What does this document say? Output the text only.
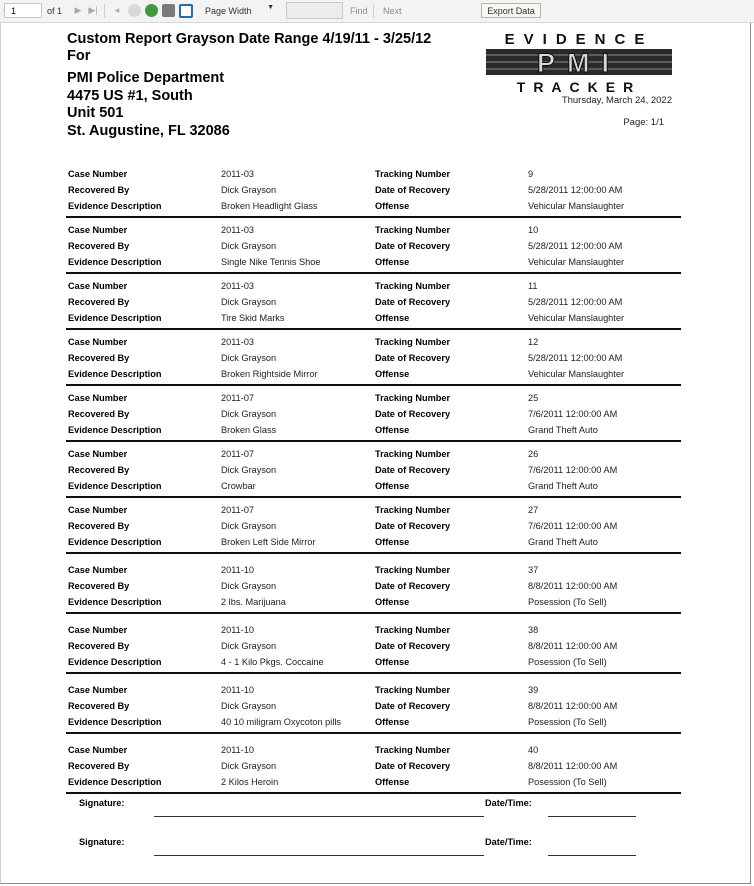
1
of 1 ▶ ▶|	◂	Page Width ▼	Find Next	Export Data
Custom Report Grayson Date Range 4/19/11 - 3/25/12
For
PMI Police Department
4475 US #1, South
Unit 501
St. Augustine, FL 32086
EVIDENCE
PMI
TRACKER
Thursday, March 24, 2022
Page: 1/1
Case Number	2011-03	Tracking Number	9
Recovered By	Dick Grayson	Date of Recovery	5/28/2011 12:00:00 AM
Evidence Description	Broken Headlight Glass	Offense	Vehicular Manslaughter
Case Number	2011-03	Tracking Number	10
Recovered By	Dick Grayson	Date of Recovery	5/28/2011 12:00:00 AM
Evidence Description	Single Nike Tennis Shoe	Offense	Vehicular Manslaughter
Case Number	2011-03	Tracking Number	11
Recovered By	Dick Grayson	Date of Recovery	5/28/2011 12:00:00 AM
Evidence Description	Tire Skid Marks	Offense	Vehicular Manslaughter
Case Number	2011-03	Tracking Number	12
Recovered By	Dick Grayson	Date of Recovery	5/28/2011 12:00:00 AM
Evidence Description	Broken Rightside Mirror	Offense	Vehicular Manslaughter
Case Number	2011-07	Tracking Number	25
Recovered By	Dick Grayson	Date of Recovery	7/6/2011 12:00:00 AM
Evidence Description	Broken Glass	Offense	Grand Theft Auto
Case Number	2011-07	Tracking Number	26
Recovered By	Dick Grayson	Date of Recovery	7/6/2011 12:00:00 AM
Evidence Description	Crowbar	Offense	Grand Theft Auto
Case Number	2011-07	Tracking Number	27
Recovered By	Dick Grayson	Date of Recovery	7/6/2011 12:00:00 AM
Evidence Description	Broken Left Side Mirror	Offense	Grand Theft Auto
Case Number	2011-10	Tracking Number	37
Recovered By	Dick Grayson	Date of Recovery	8/8/2011 12:00:00 AM
Evidence Description	2 lbs. Marijuana	Offense	Posession (To Sell)
Case Number	2011-10	Tracking Number	38
Recovered By	Dick Grayson	Date of Recovery	8/8/2011 12:00:00 AM
Evidence Description	4 - 1 Kilo Pkgs. Coccaine	Offense	Posession (To Sell)
Case Number	2011-10	Tracking Number	39
Recovered By	Dick Grayson	Date of Recovery	8/8/2011 12:00:00 AM
Evidence Description	40 10 miligram Oxycoton pills	Offense	Posession (To Sell)
Case Number	2011-10	Tracking Number	40
Recovered By	Dick Grayson	Date of Recovery	8/8/2011 12:00:00 AM
Evidence Description	2 Kilos Heroin	Offense	Posession (To Sell)
Signature:	Date/Time:
Signature:	Date/Time:
